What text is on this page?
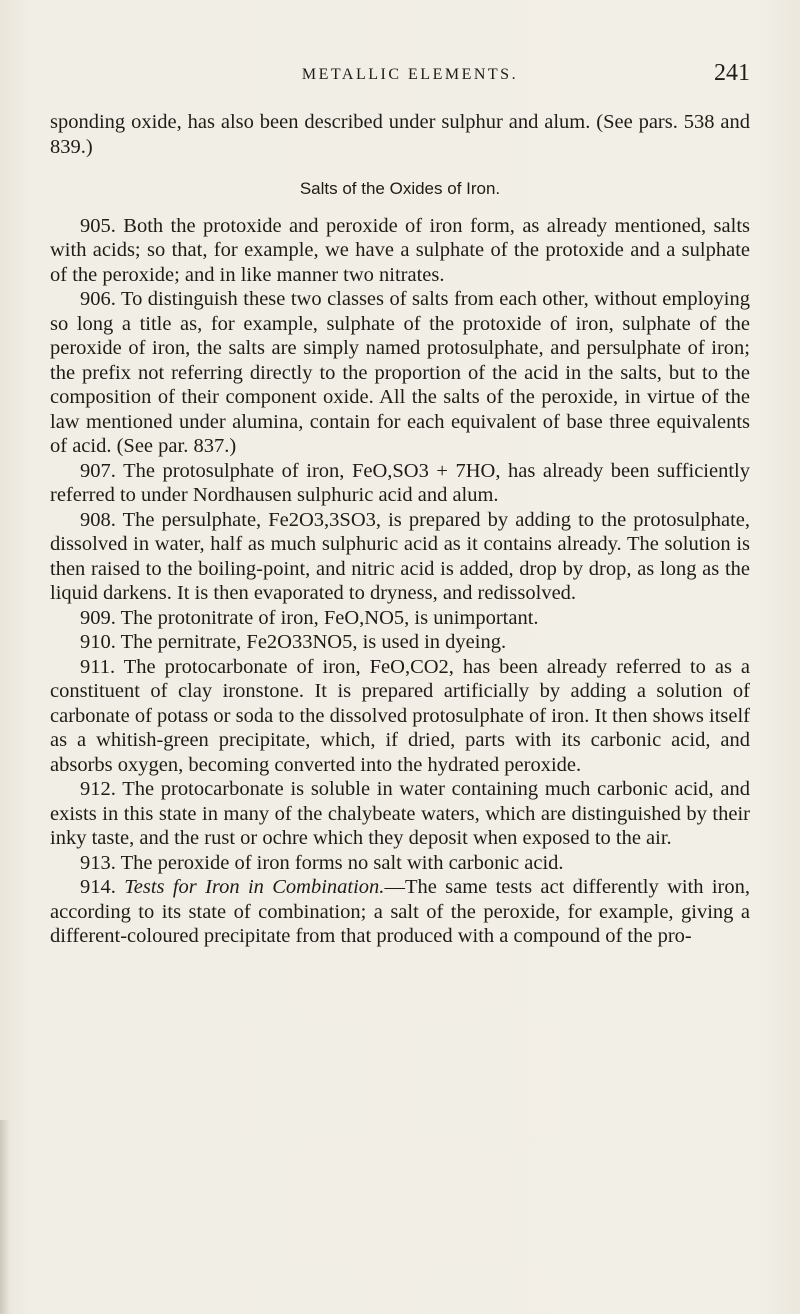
METALLIC ELEMENTS.	241

sponding oxide, has also been described under sulphur and alum. (See pars. 538 and 839.)

Salts of the Oxides of Iron.

905. Both the protoxide and peroxide of iron form, as already mentioned, salts with acids; so that, for example, we have a sulphate of the protoxide and a sulphate of the peroxide; and in like manner two nitrates.

906. To distinguish these two classes of salts from each other, without employing so long a title as, for example, sulphate of the protoxide of iron, sulphate of the peroxide of iron, the salts are simply named protosulphate, and persulphate of iron; the prefix not referring directly to the proportion of the acid in the salts, but to the composition of their component oxide. All the salts of the peroxide, in virtue of the law mentioned under alumina, contain for each equivalent of base three equivalents of acid. (See par. 837.)

907. The protosulphate of iron, FeO,SO3 + 7HO, has already been sufficiently referred to under Nordhausen sulphuric acid and alum.

908. The persulphate, Fe2O3,3SO3, is prepared by adding to the protosulphate, dissolved in water, half as much sulphuric acid as it contains already. The solution is then raised to the boiling-point, and nitric acid is added, drop by drop, as long as the liquid darkens. It is then evaporated to dryness, and redissolved.

909. The protonitrate of iron, FeO,NO5, is unimportant.

910. The pernitrate, Fe2O33NO5, is used in dyeing.

911. The protocarbonate of iron, FeO,CO2, has been already referred to as a constituent of clay ironstone. It is prepared artificially by adding a solution of carbonate of potass or soda to the dissolved protosulphate of iron. It then shows itself as a whitish-green precipitate, which, if dried, parts with its carbonic acid, and absorbs oxygen, becoming converted into the hydrated peroxide.

912. The protocarbonate is soluble in water containing much carbonic acid, and exists in this state in many of the chalybeate waters, which are distinguished by their inky taste, and the rust or ochre which they deposit when exposed to the air.

913. The peroxide of iron forms no salt with carbonic acid.

914. Tests for Iron in Combination.—The same tests act differently with iron, according to its state of combination; a salt of the peroxide, for example, giving a different-coloured precipitate from that produced with a compound of the pro-
